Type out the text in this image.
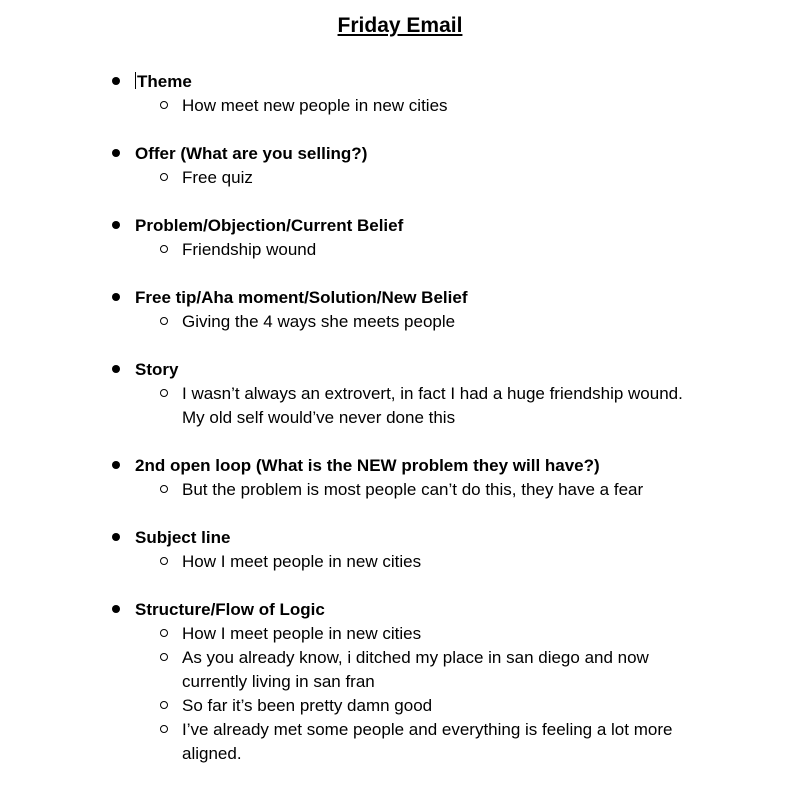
Friday Email
Theme
How meet new people in new cities
Offer (What are you selling?)
Free quiz
Problem/Objection/Current Belief
Friendship wound
Free tip/Aha moment/Solution/New Belief
Giving the 4 ways she meets people
Story
I wasn’t always an extrovert, in fact I had a huge friendship wound. My old self would’ve never done this
2nd open loop (What is the NEW problem they will have?)
But the problem is most people can’t do this, they have a fear
Subject line
How I meet people in new cities
Structure/Flow of Logic
How I meet people in new cities
As you already know, i ditched my place in san diego and now currently living in san fran
So far it’s been pretty damn good
I’ve already met some people and everything is feeling a lot more aligned.
